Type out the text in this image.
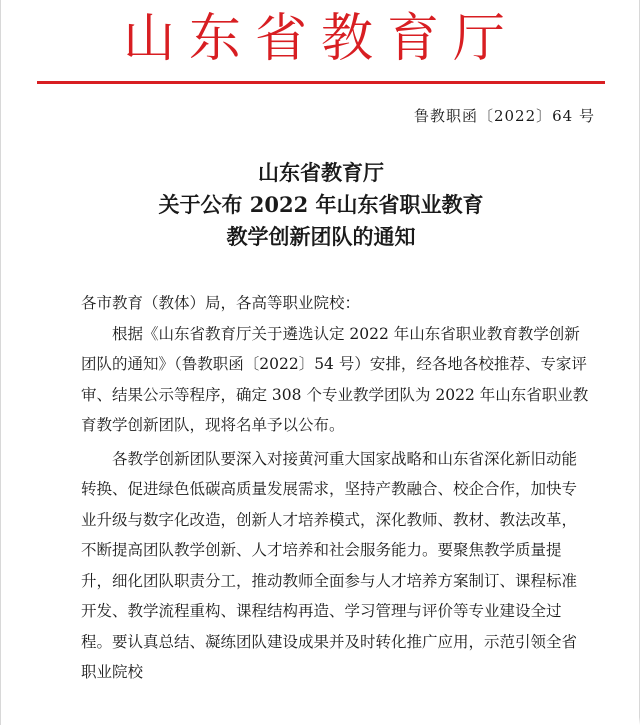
山东省教育厅
鲁教职函〔2022〕64 号
山东省教育厅
关于公布 2022 年山东省职业教育
教学创新团队的通知

各市教育（教体）局，各高等职业院校：

根据《山东省教育厅关于遴选认定 2022 年山东省职业教育教学创新团队的通知》（鲁教职函〔2022〕54 号）安排，经各地各校推荐、专家评审、结果公示等程序，确定 308 个专业教学团队为 2022 年山东省职业教育教学创新团队，现将名单予以公布。

各教学创新团队要深入对接黄河重大国家战略和山东省深化新旧动能转换、促进绿色低碳高质量发展需求，坚持产教融合、校企合作，加快专业升级与数字化改造，创新人才培养模式，深化教师、教材、教法改革，不断提高团队教学创新、人才培养和社会服务能力。要聚焦教学质量提升，细化团队职责分工，推动教师全面参与人才培养方案制订、课程标准开发、教学流程重构、课程结构再造、学习管理与评价等专业建设全过程。要认真总结、凝练团队建设成果并及时转化推广应用，示范引领全省职业院校
